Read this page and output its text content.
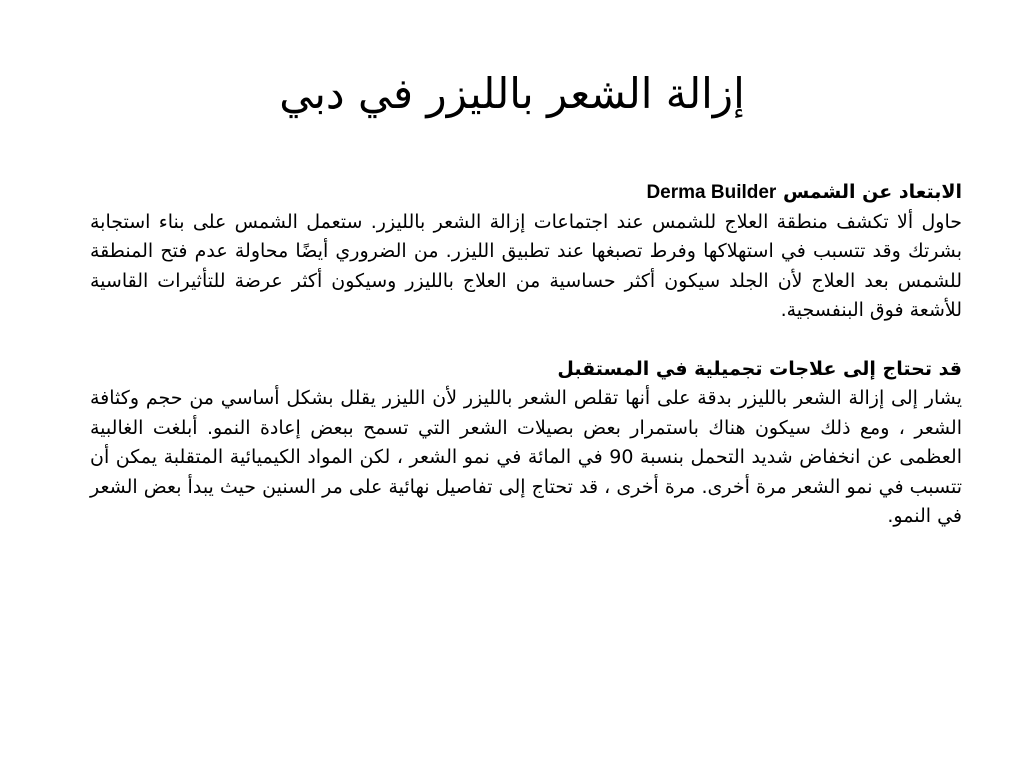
إزالة الشعر بالليزر في دبي

الابتعاد عن الشمس Derma Builder

حاول ألا تكشف منطقة العلاج للشمس عند اجتماعات إزالة الشعر بالليزر. ستعمل الشمس على بناء استجابة بشرتك وقد تتسبب في استهلاكها وفرط تصبغها عند تطبيق الليزر. من الضروري أيضًا محاولة عدم فتح المنطقة للشمس بعد العلاج لأن الجلد سيكون أكثر حساسية من العلاج بالليزر وسيكون أكثر عرضة للتأثيرات القاسية للأشعة فوق البنفسجية.

قد تحتاج إلى علاجات تجميلية في المستقبل

يشار إلى إزالة الشعر بالليزر بدقة على أنها تقلص الشعر بالليزر لأن الليزر يقلل بشكل أساسي من حجم وكثافة الشعر ، ومع ذلك سيكون هناك باستمرار بعض بصيلات الشعر التي تسمح ببعض إعادة النمو. أبلغت الغالبية العظمى عن انخفاض شديد التحمل بنسبة 90 في المائة في نمو الشعر ، لكن المواد الكيميائية المتقلبة يمكن أن تتسبب في نمو الشعر مرة أخرى. مرة أخرى ، قد تحتاج إلى تفاصيل نهائية على مر السنين حيث يبدأ بعض الشعر في النمو.
